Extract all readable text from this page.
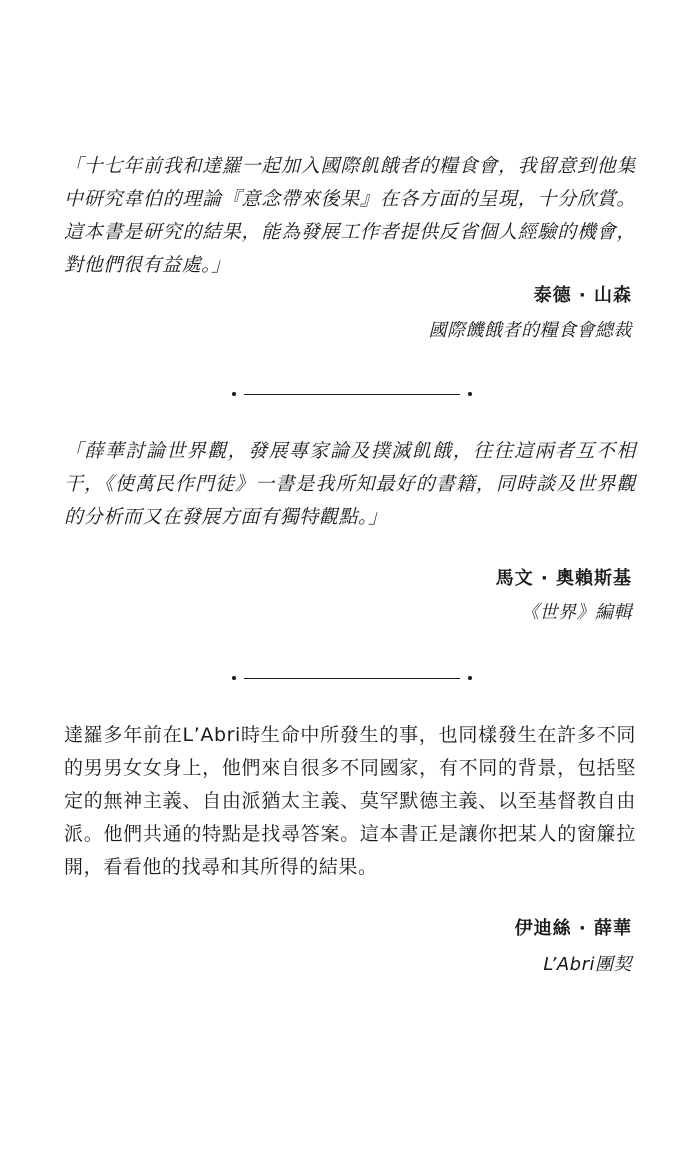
「十七年前我和達羅一起加入國際飢餓者的糧食會，我留意到他集中研究韋伯的理論『意念帶來後果』在各方面的呈現，十分欣賞。這本書是研究的結果，能為發展工作者提供反省個人經驗的機會，對他們很有益處。」

泰德 · 山森
國際饑餓者的糧食會總裁

「薛華討論世界觀，發展專家論及撲滅飢餓，往往這兩者互不相干，《使萬民作門徒》一書是我所知最好的書籍，同時談及世界觀的分析而又在發展方面有獨特觀點。」

馬文 · 奧賴斯基
《世界》編輯

達羅多年前在L’Abri時生命中所發生的事，也同樣發生在許多不同的男男女女身上，他們來自很多不同國家，有不同的背景，包括堅定的無神主義、自由派猶太主義、莫罕默德主義、以至基督教自由派。他們共通的特點是找尋答案。這本書正是讓你把某人的窗簾拉開，看看他的找尋和其所得的結果。

伊迪絲 · 薛華
L’Abri團契
